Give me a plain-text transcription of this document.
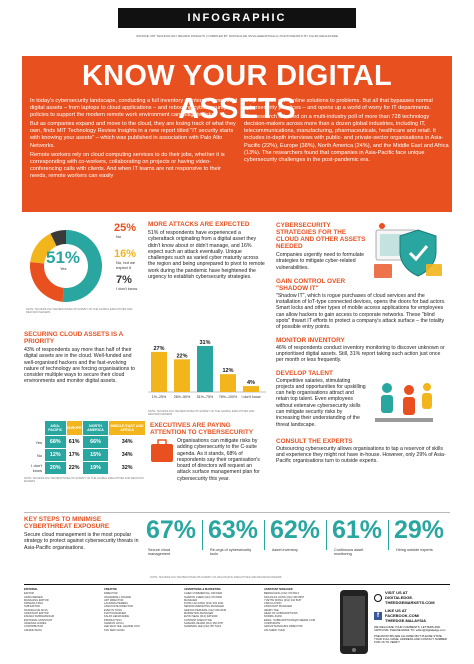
INFOGRAPHIC
SOURCE: MIT TECHNOLOGY REVIEW INSIGHTS | COMPILED BY NATASHA DE SILVA-HEENATIGALA | PHOTOGRAPHY BY KALPA GENAKANDE
KNOW YOUR DIGITAL ASSETS

In today's cybersecurity landscape, conducting a full inventory of internet-connected digital assets – from laptops to cloud applications – and rebooting cybersecurity policies to support the modern remote work environment can mitigate risks.

But as companies expand and move to the cloud, they are losing track of what they own, finds MIT Technology Review Insights in a new report titled "IT security starts with knowing your assets" – which was published in association with Palo Alto Networks.

Remote workers rely on cloud computing services to do their jobs, whether it is corresponding with co-workers, collaborating on projects or having video-conferencing calls with clients. And when IT teams are not responsive to their needs, remote workers can easily

shop for their own online solutions to problems. But all that bypasses normal cybersecurity practices – and opens up a world of worry for IT departments.

The research is based on a multi-industry poll of more than 728 technology decision-makers across more than a dozen global industries, including IT, telecommunications, manufacturing, pharmaceuticals, healthcare and retail. It includes in-depth interviews with public- and private-sector organisations in Asia-Pacific (22%), Europe (38%), North America (24%), and the Middle East and Africa (13%). The researchers found that companies in Asia-Pacific face unique cybersecurity challenges in the post-pandemic era.

51%
Yes
25%
No
16%
No, but we expect it
7%
I don't know
NOTE: TECHNOLOGY REVIEW INSIGHTS SURVEY OF THE GLOBAL EXECUTIVES AND DECISION MAKERS
MORE ATTACKS ARE EXPECTED
51% of respondents have experienced a cyberattack originating from a digital asset they didn't know about or didn't manage, and 16% expect such an attack eventually. Unique challenges such as varied cyber maturity across the region and being unprepared to pivot to remote work during the pandemic have heightened the urgency to establish cybersecurity strategies.
CYBERSECURITY STRATEGIES FOR THE CLOUD AND OTHER ASSETS NEEDED
Companies urgently need to formulate strategies to mitigate cyber-related vulnerabilities.
GAIN CONTROL OVER "SHADOW IT"
"Shadow IT", which is rogue purchases of cloud services and the installation of IoT-type connected devices, opens the doors for bad actors. Smart locks and other types of mobile access applications for employees can allow hackers to gain access to corporate networks. These "blind spots" thwart IT efforts to protect a company's attack surface – the totality of possible entry points.
MONITOR INVENTORY
46% of respondents conduct inventory monitoring to discover unknown or unprioritised digital assets. Still, 31% report taking such action just once per month or less frequently.
DEVELOP TALENT
Competitive salaries, stimulating projects and opportunities for upskilling can help organisations attract and retain top talent. Even employees without extensive cybersecurity skills can mitigate security risks by increasing their understanding of the threat landscape.
CONSULT THE EXPERTS
Outsourcing cybersecurity allows organisations to tap a reservoir of skills and experience they might not have in-house. However, only 29% of Asia-Pacific organisations turn to outside experts.
SECURING CLOUD ASSETS IS A PRIORITY
43% of respondents say more than half of their digital assets are in the cloud. Well-funded and well-organised hackers and the fast-evolving nature of technology are forcing organisations to consider multiple ways to secure their cloud environments and monitor digital assets.
27%
1%–25%
22%
26%–50%
31%
51%–75%
12%
76%–100%
4%
I don't know
NOTE: TECHNOLOGY REVIEW INSIGHTS SURVEY OF THE GLOBAL EXECUTIVES AND DECISION MAKERS
	ASIA-PACIFIC	EUROPE	NORTH AMERICA	MIDDLE EAST AND AFRICA
Yes	68%	61%	66%	34%
No	12%	17%	15%	34%
I don't know	20%	22%	19%	32%
NOTE: TECHNOLOGY REVIEW INSIGHTS SURVEY OF THE GLOBAL EXECUTIVES AND DECISION MAKERS
EXECUTIVES ARE PAYING ATTENTION TO CYBERSECURITY
Organisations can mitigate risks by adding cybersecurity to the C-suite agenda. As it stands, 68% of respondents say their organisation's board of directors will request an attack surface management plan for cybersecurity this year.
KEY STEPS TO MINIMISE CYBERTHREAT EXPOSURE
Secure cloud management is the most popular strategy to protect against cybersecurity threats in Asia-Pacific organisations.
67%
Secure cloud management
63%
Re-orgs of cybersecurity tools
62%
Asset inventory
61%
Continuous asset monitoring
29%
Hiring outside experts
NOTE: TECHNOLOGY REVIEW INSIGHTS SURVEY OF ASIA PACIFIC EXECUTIVES AND DECISION MAKERS
EDITORIAL
EDITOR
ADAM WEINER
MANAGING EDITOR
KRISHNA TANG
SUB EDITOR
NATASHA DE SILVA
ASSISTANT EDITOR
ZAFARA SUBRAMANIAM
EDITORIAL ASSISTANT
VANESSA GOMES
CONTRIBUTOR
ASHWIN MANI
CREATIVE
DIRECTOR
ODHAMMALL DIGANE
ART DIRECTOR
LALINDRA PERERA
ASSOCIATE DIRECTOR
EVELYN TUNG
PHOTOGRAPHER
KALPA GENAKANDE
PRODUCTION
SHARON HOCH
LEE WAN YEE, LEANNE SOO
TAN SEW CHING
ADVERTISING & MARKETING
CHIEF COMMERCIAL OFFICER
SHARON CHEW (012) 370 8000
MANAGER
PONG LAN FANG (012) 302 2031
SENIOR MARKETING MANAGER
GEETHA PERUMAL (012) 339 2049
MARKETING MANAGER
EVON SEAH (012) 328 9049
CONTENT EXECUTIVE
SHAHIRA ISHAMI (012) 352 6787
SHARMAN LEE (012) 357 5123
ASSISTANT MANAGER
BERNHUANG (012) 370 8413
NICHOLAS HONG (012) 300 8957
YVETTE WONG (012) 344 5187
CIRCULATION
ASSISTANT MANAGER
HENRY TEE
HEAD OF SUBSCRIPTIONS
NORMA JOANI
EMAIL: SUBSCRIPTIONS@TLMEDIA.COM
CORPORATE
GROUP MANAGING DIRECTOR
LIM SHEW YUEN
VISIT US AT
DIGITALEDGE.
THEEDGEMARKETS.COM
f
LIKE US AT
FACEBOOK.COM/
THEEDGE.MALAYSIA
WE WELCOME YOUR COMMENTS, LETTERS AND CRITICISM. PLEASE EMAIL TO: editor@digitaledge.com
PSEUDONYMS ARE ALLOWED BUT PLEASE STATE YOUR FULL NAME, ADDRESS AND CONTACT NUMBER FOR US TO VERIFY.
